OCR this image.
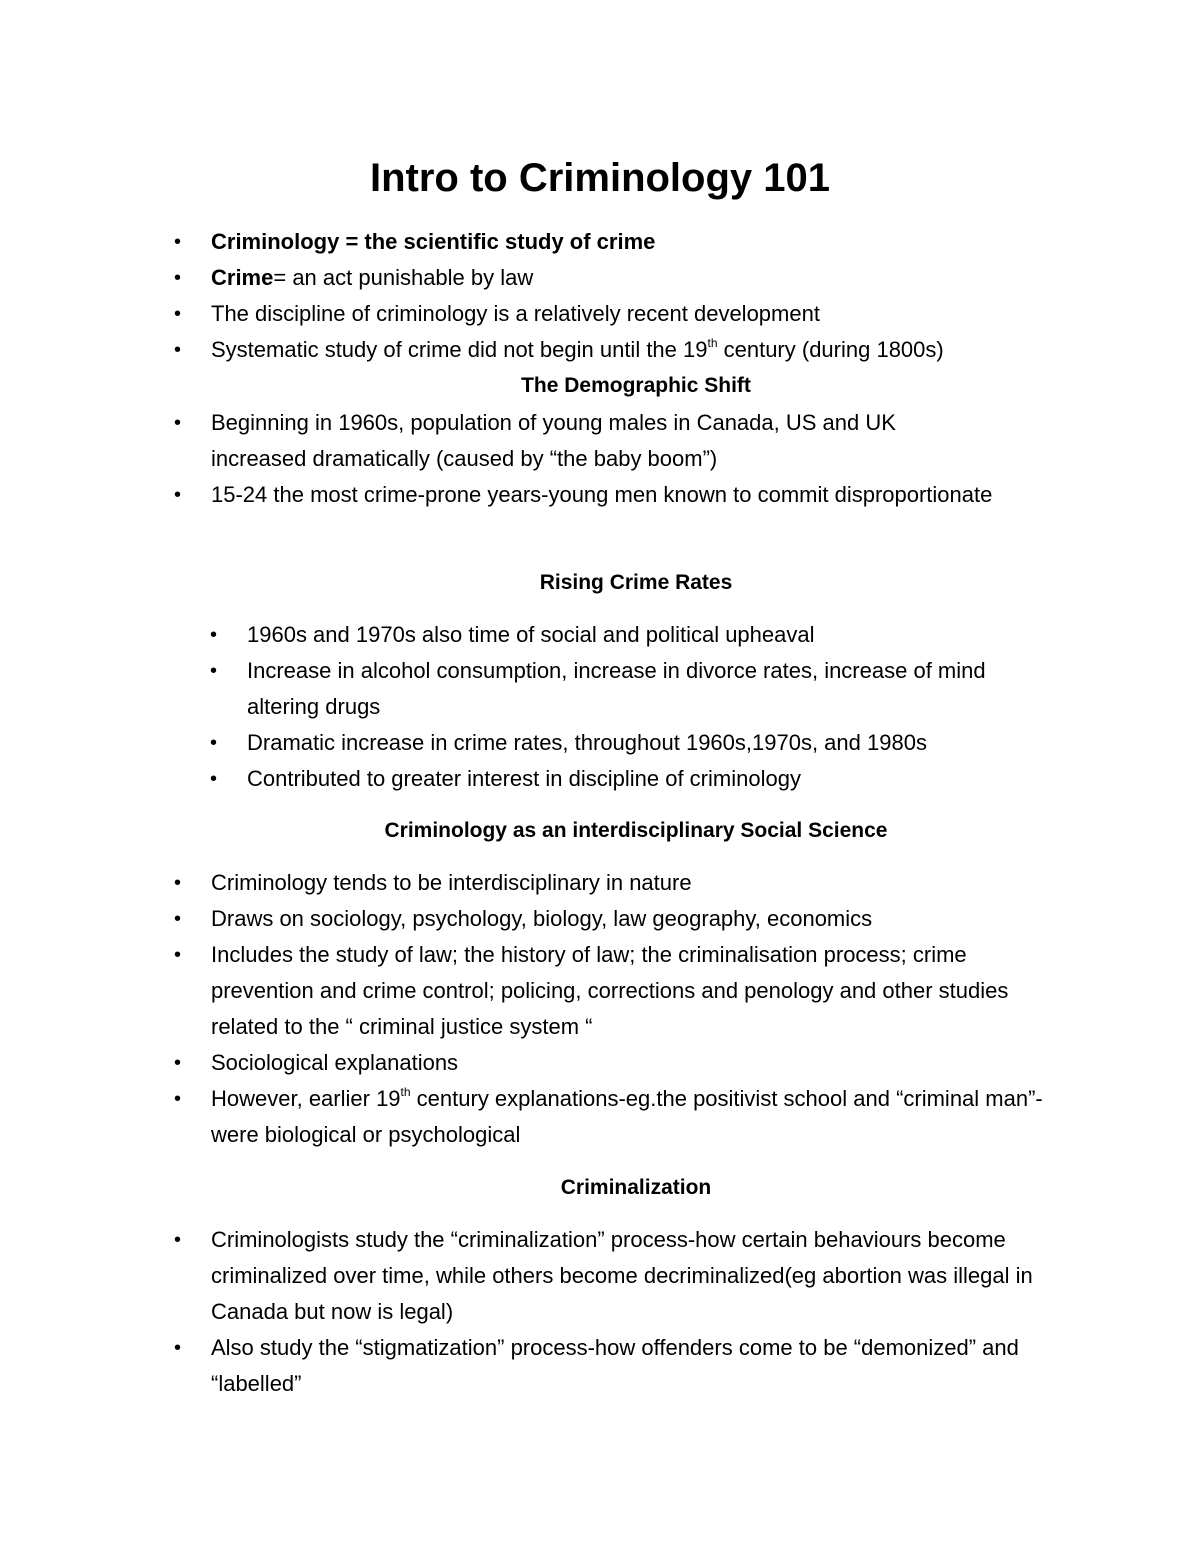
Intro to Criminology 101
•	Criminology = the scientific study of crime
•	Crime= an act punishable by law
•	The discipline of criminology is a relatively recent development
•	Systematic study of crime did not begin until the 19th century (during 1800s)
The Demographic Shift
•	Beginning in 1960s, population of young males in Canada, US and UK increased dramatically (caused by “the baby boom”)
•	15-24 the most crime-prone years-young men known to commit disproportionate
Rising Crime Rates
•	1960s and 1970s also time of social and political upheaval
•	Increase in alcohol consumption, increase in divorce rates, increase of mind altering drugs
•	Dramatic increase in crime rates, throughout 1960s,1970s, and 1980s
•	Contributed to greater interest in discipline of criminology
Criminology as an interdisciplinary Social Science
•	Criminology tends to be interdisciplinary in nature
•	Draws on sociology, psychology, biology, law geography, economics
•	Includes the study of law; the history of law; the criminalisation process; crime prevention and crime control; policing, corrections and penology and other studies related to the “ criminal justice system “
•	Sociological explanations
•	However, earlier 19th century explanations-eg.the positivist school and “criminal man”- were biological or psychological
Criminalization
•	Criminologists study the “criminalization” process-how certain behaviours become criminalized over time, while others become decriminalized(eg abortion was illegal in Canada but now is legal)
•	Also study the “stigmatization” process-how offenders come to be “demonized” and “labelled”
